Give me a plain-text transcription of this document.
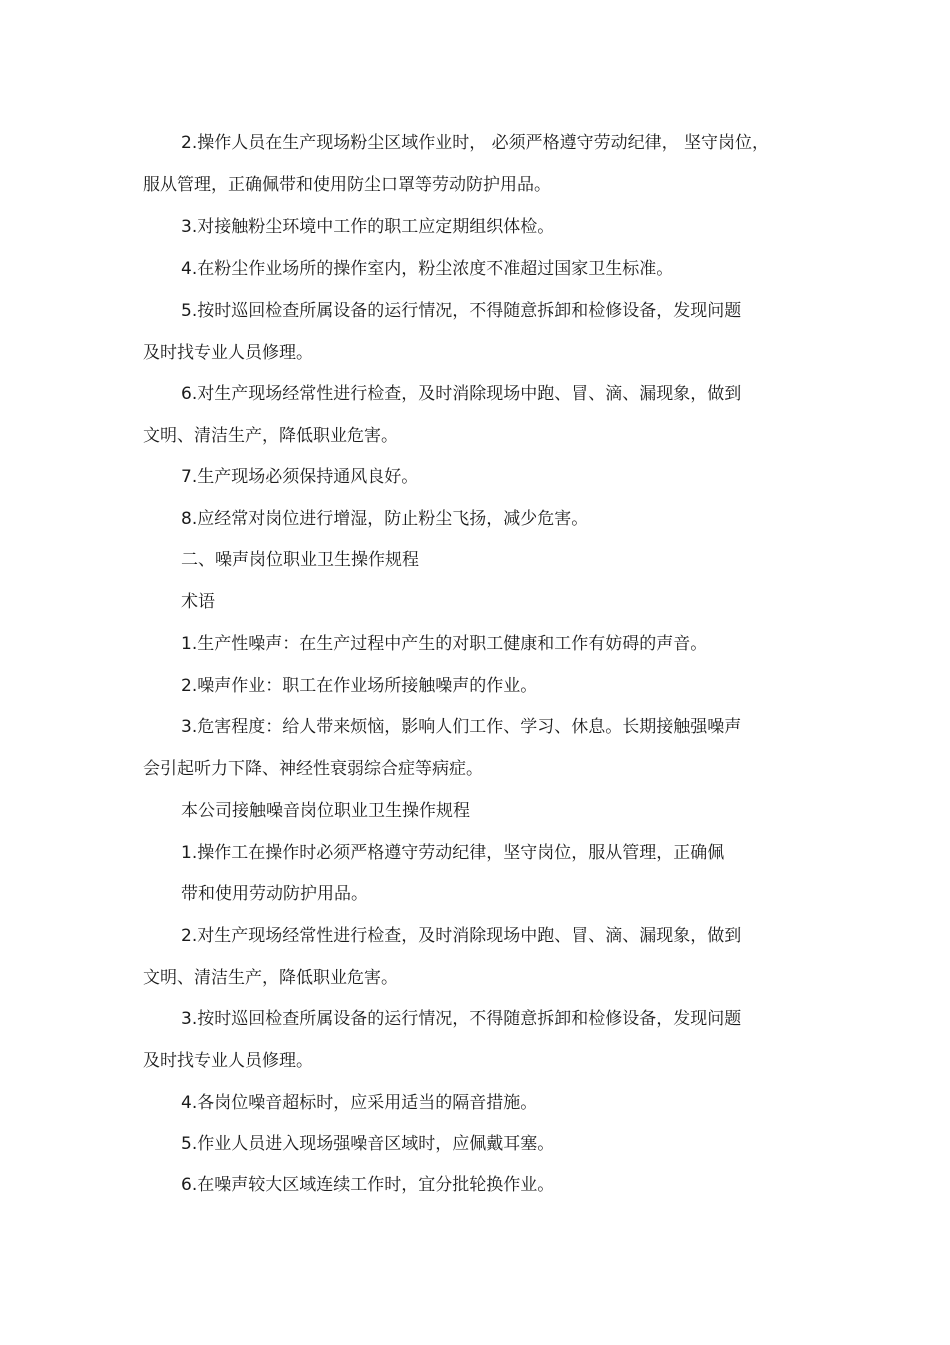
2.操作人员在生产现场粉尘区域作业时， 必须严格遵守劳动纪律， 坚守岗位，
服从管理，正确佩带和使用防尘口罩等劳动防护用品。
3.对接触粉尘环境中工作的职工应定期组织体检。
4.在粉尘作业场所的操作室内，粉尘浓度不准超过国家卫生标准。
5.按时巡回检查所属设备的运行情况，不得随意拆卸和检修设备，发现问题
及时找专业人员修理。
6.对生产现场经常性进行检查，及时消除现场中跑、冒、滴、漏现象，做到
文明、清洁生产，降低职业危害。
7.生产现场必须保持通风良好。
8.应经常对岗位进行增湿，防止粉尘飞扬，减少危害。
二、噪声岗位职业卫生操作规程
术语
1.生产性噪声：在生产过程中产生的对职工健康和工作有妨碍的声音。
2.噪声作业：职工在作业场所接触噪声的作业。
3.危害程度：给人带来烦恼，影响人们工作、学习、休息。长期接触强噪声
会引起听力下降、神经性衰弱综合症等病症。
本公司接触噪音岗位职业卫生操作规程
1.操作工在操作时必须严格遵守劳动纪律，坚守岗位，服从管理，正确佩
带和使用劳动防护用品。
2.对生产现场经常性进行检查，及时消除现场中跑、冒、滴、漏现象，做到
文明、清洁生产，降低职业危害。
3.按时巡回检查所属设备的运行情况，不得随意拆卸和检修设备，发现问题
及时找专业人员修理。
4.各岗位噪音超标时，应采用适当的隔音措施。
5.作业人员进入现场强噪音区域时，应佩戴耳塞。
6.在噪声较大区域连续工作时，宜分批轮换作业。
